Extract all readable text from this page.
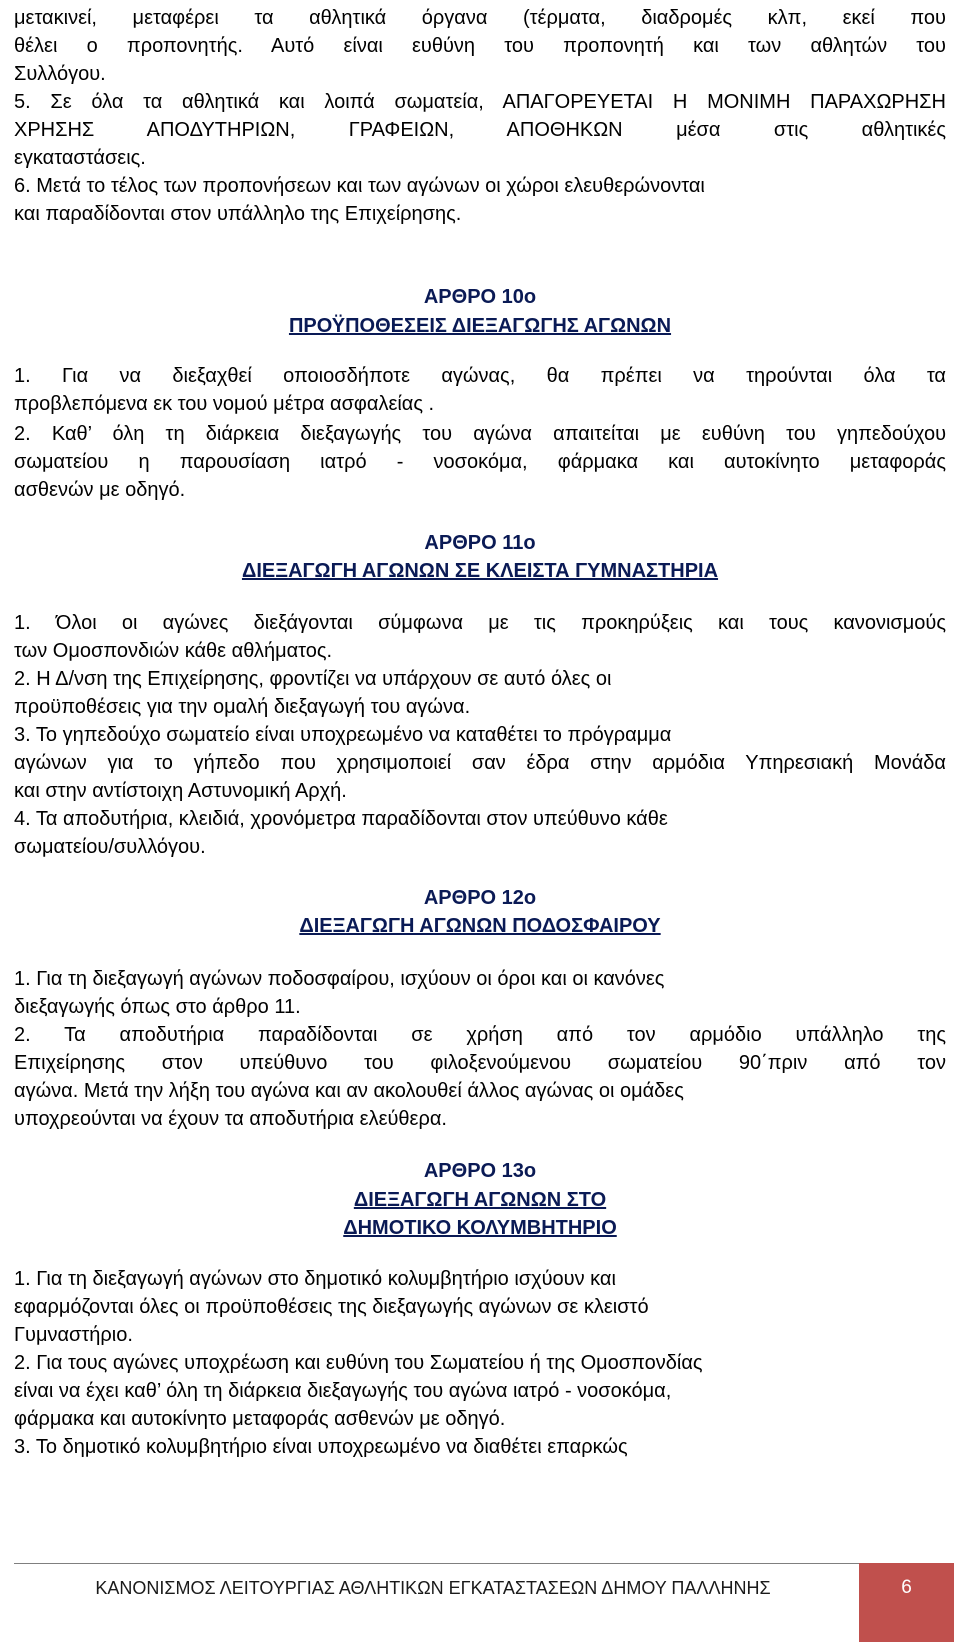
μετακινεί, μεταφέρει τα αθλητικά όργανα (τέρματα, διαδρομές κλπ, εκεί που
θέλει ο προπονητής. Αυτό είναι ευθύνη του προπονητή και των αθλητών του
Συλλόγου.
5. Σε όλα τα αθλητικά και λοιπά σωματεία, ΑΠΑΓΟΡΕΥΕΤΑΙ Η ΜΟΝΙΜΗ ΠΑΡΑΧΩΡΗΣΗ
ΧΡΗΣΗΣ ΑΠΟΔΥΤΗΡΙΩΝ, ΓΡΑΦΕΙΩΝ, ΑΠΟΘΗΚΩΝ μέσα στις αθλητικές
εγκαταστάσεις.
6. Μετά το τέλος των προπονήσεων και των αγώνων οι χώροι ελευθερώνονται
και παραδίδονται στον υπάλληλο της Επιχείρησης.
ΑΡΘΡΟ 10ο
ΠΡΟΫΠΟΘΕΣΕΙΣ ΔΙΕΞΑΓΩΓΗΣ ΑΓΩΝΩΝ
1. Για να διεξαχθεί οποιοσδήποτε αγώνας, θα πρέπει να τηρούνται όλα τα
προβλεπόμενα εκ του νομού μέτρα ασφαλείας .
2. Καθ’ όλη τη διάρκεια διεξαγωγής του αγώνα απαιτείται με ευθύνη του γηπεδούχου
σωματείου η παρουσίαση ιατρό - νοσοκόμα, φάρμακα και αυτοκίνητο μεταφοράς
ασθενών με οδηγό.
ΑΡΘΡΟ 11ο
ΔΙΕΞΑΓΩΓΗ ΑΓΩΝΩΝ ΣΕ ΚΛΕΙΣΤΑ ΓΥΜΝΑΣΤΗΡΙΑ
1. Όλοι οι αγώνες διεξάγονται σύμφωνα με τις προκηρύξεις και τους κανονισμούς
των Ομοσπονδιών κάθε αθλήματος.
2. Η Δ/νση της Επιχείρησης, φροντίζει να υπάρχουν σε αυτό όλες οι
προϋποθέσεις για την ομαλή διεξαγωγή του αγώνα.
3. Το γηπεδούχο σωματείο είναι υποχρεωμένο να καταθέτει το πρόγραμμα
αγώνων για το γήπεδο που χρησιμοποιεί σαν έδρα στην αρμόδια Υπηρεσιακή Μονάδα
και στην αντίστοιχη Αστυνομική Αρχή.
4. Τα αποδυτήρια, κλειδιά, χρονόμετρα παραδίδονται στον υπεύθυνο κάθε
σωματείου/συλλόγου.
ΑΡΘΡΟ 12ο
ΔΙΕΞΑΓΩΓΗ ΑΓΩΝΩΝ ΠΟΔΟΣΦΑΙΡΟΥ
1. Για τη διεξαγωγή αγώνων ποδοσφαίρου, ισχύουν οι όροι και οι κανόνες
διεξαγωγής όπως στο άρθρο 11.
2. Τα αποδυτήρια παραδίδονται σε χρήση από τον αρμόδιο υπάλληλο της
Επιχείρησης στον υπεύθυνο του φιλοξενούμενου σωματείου 90΄πριν από τον
αγώνα. Μετά την λήξη του αγώνα και αν ακολουθεί άλλος αγώνας οι ομάδες
υποχρεούνται να έχουν τα αποδυτήρια ελεύθερα.
ΑΡΘΡΟ 13ο
ΔΙΕΞΑΓΩΓΗ ΑΓΩΝΩΝ ΣΤΟ
ΔΗΜΟΤΙΚΟ ΚΟΛΥΜΒΗΤΗΡΙΟ
1. Για τη διεξαγωγή αγώνων στο δημοτικό κολυμβητήριο ισχύουν και
εφαρμόζονται όλες οι προϋποθέσεις της διεξαγωγής αγώνων σε κλειστό
Γυμναστήριο.
2. Για τους αγώνες υποχρέωση και ευθύνη του Σωματείου ή της Ομοσπονδίας
είναι να έχει καθ’ όλη τη διάρκεια διεξαγωγής του αγώνα ιατρό - νοσοκόμα,
φάρμακα και αυτοκίνητο μεταφοράς ασθενών με οδηγό.
3. Το δημοτικό κολυμβητήριο είναι υποχρεωμένο να διαθέτει επαρκώς
ΚΑΝΟΝΙΣΜΟΣ ΛΕΙΤΟΥΡΓΙΑΣ ΑΘΛΗΤΙΚΩΝ ΕΓΚΑΤΑΣΤΑΣΕΩΝ ΔΗΜΟΥ ΠΑΛΛΗΝΗΣ	6
